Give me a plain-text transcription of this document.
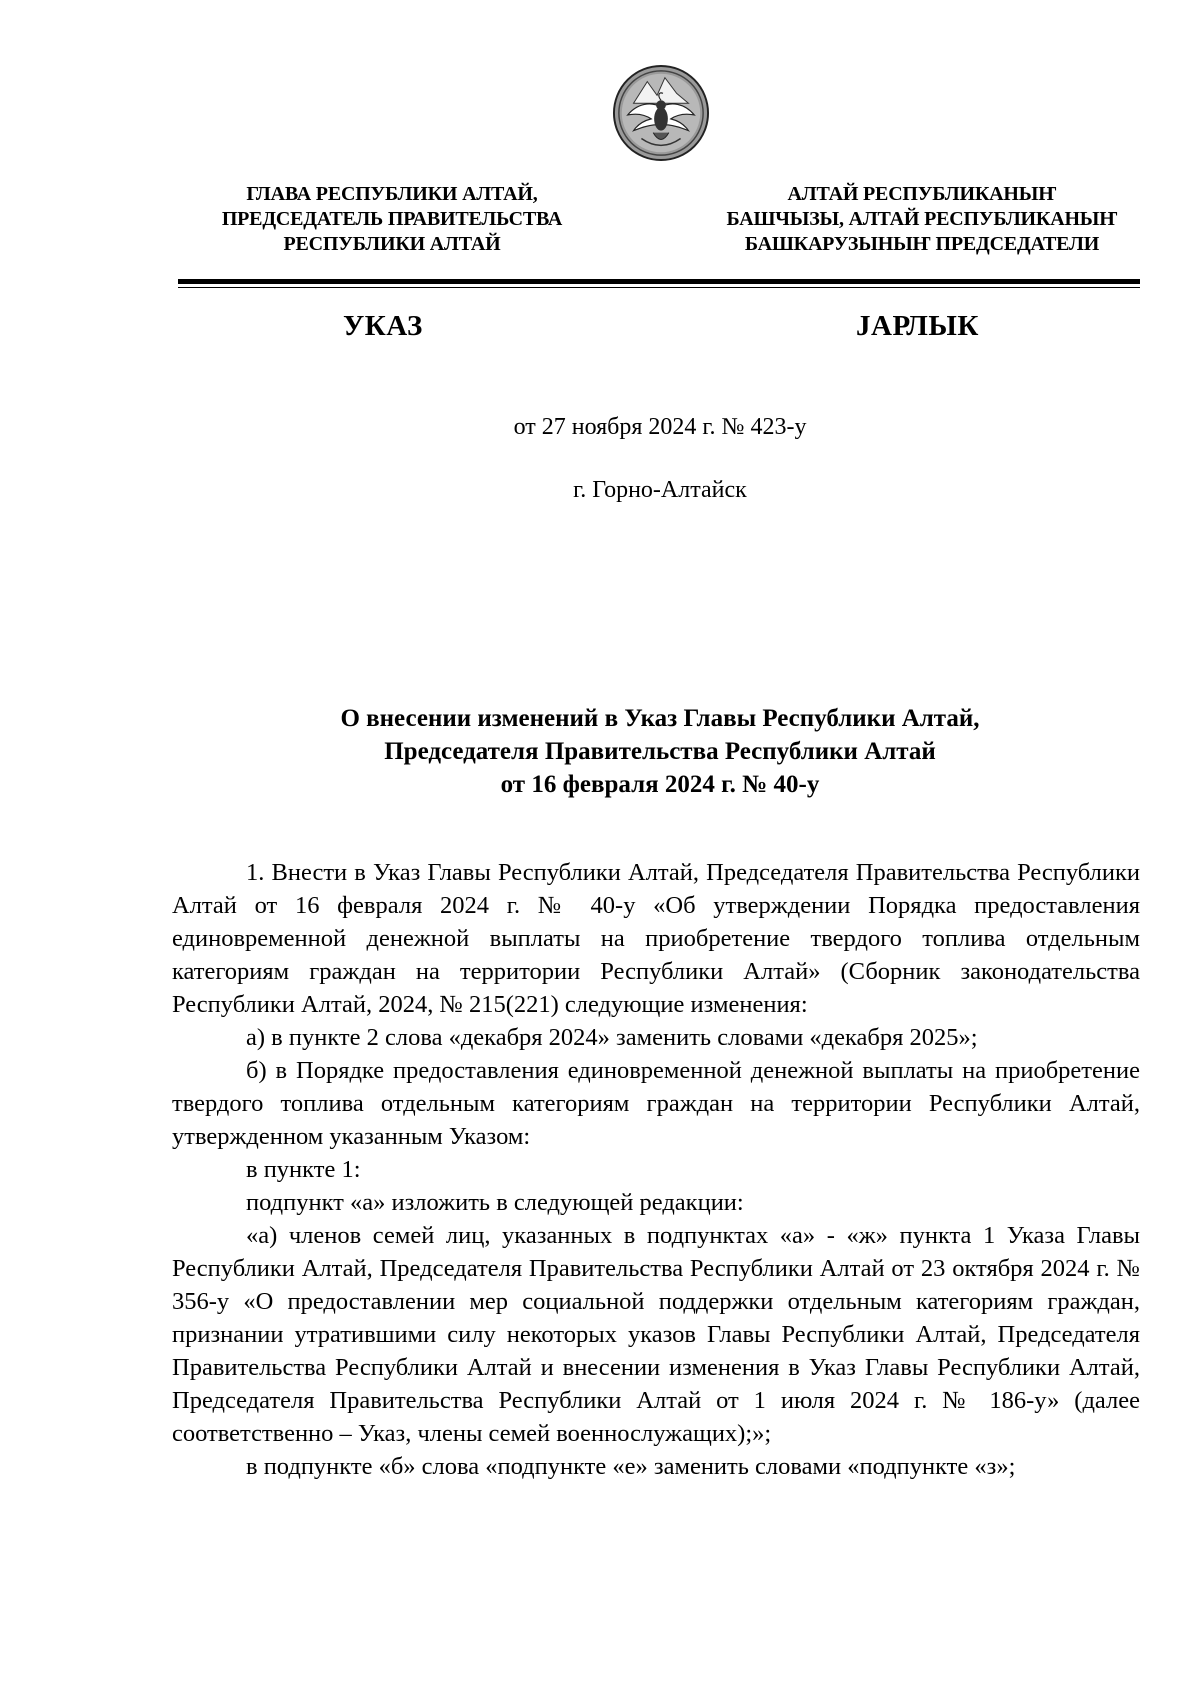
ГЛАВА РЕСПУБЛИКИ АЛТАЙ,
ПРЕДСЕДАТЕЛЬ ПРАВИТЕЛЬСТВА
РЕСПУБЛИКИ АЛТАЙ
АЛТАЙ РЕСПУБЛИКАНЫҤ
БАШЧЫЗЫ, АЛТАЙ РЕСПУБЛИКАНЫҤ
БАШКАРУЗЫНЫҤ ПРЕДСЕДАТЕЛИ
УКАЗ	ЈАРЛЫК
от 27 ноября 2024 г. № 423-у
г. Горно-Алтайск
О внесении изменений в Указ Главы Республики Алтай,
Председателя Правительства Республики Алтай
от 16 февраля 2024 г. № 40-у

1. Внести в Указ Главы Республики Алтай, Председателя Правительства Республики Алтай от 16 февраля 2024 г. № 40-у «Об утверждении Порядка предоставления единовременной денежной выплаты на приобретение твердого топлива отдельным категориям граждан на территории Республики Алтай» (Сборник законодательства Республики Алтай, 2024, № 215(221) следующие изменения:

а) в пункте 2 слова «декабря 2024» заменить словами «декабря 2025»;

б) в Порядке предоставления единовременной денежной выплаты на приобретение твердого топлива отдельным категориям граждан на территории Республики Алтай, утвержденном указанным Указом:

в пункте 1:

подпункт «а» изложить в следующей редакции:

«а) членов семей лиц, указанных в подпунктах «а» - «ж» пункта 1 Указа Главы Республики Алтай, Председателя Правительства Республики Алтай от 23 октября 2024 г. № 356-у «О предоставлении мер социальной поддержки отдельным категориям граждан, признании утратившими силу некоторых указов Главы Республики Алтай, Председателя Правительства Республики Алтай и внесении изменения в Указ Главы Республики Алтай, Председателя Правительства Республики Алтай от 1 июля 2024 г. № 186-у» (далее соответственно – Указ, члены семей военнослужащих);»;

в подпункте «б» слова «подпункте «е» заменить словами «подпункте «з»;
